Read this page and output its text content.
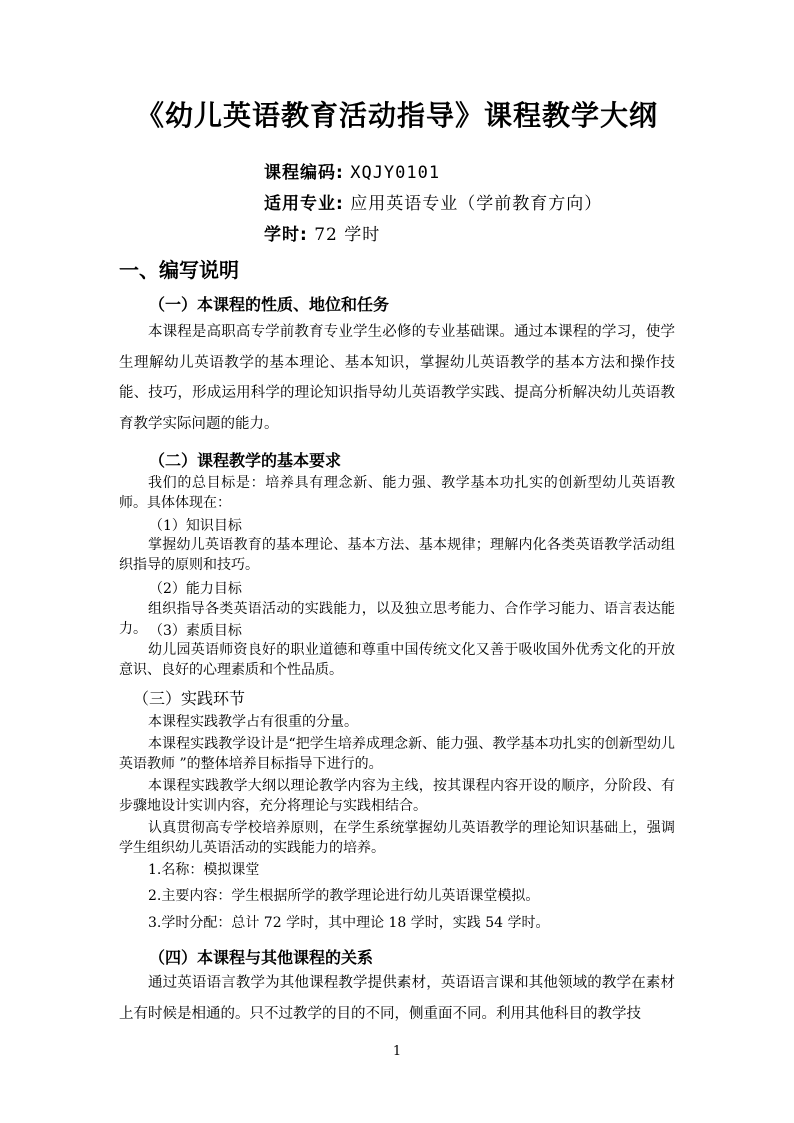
《幼儿英语教育活动指导》课程教学大纲
课程编码: XQJY0101
适用专业: 应用英语专业（学前教育方向）
学时: 72 学时
一、编写说明
（一）本课程的性质、地位和任务
本课程是高职高专学前教育专业学生必修的专业基础课。通过本课程的学习，使学生理解幼儿英语教学的基本理论、基本知识，掌握幼儿英语教学的基本方法和操作技能、技巧，形成运用科学的理论知识指导幼儿英语教学实践、提高分析解决幼儿英语教育教学实际问题的能力。
（二）课程教学的基本要求
我们的总目标是：培养具有理念新、能力强、教学基本功扎实的创新型幼儿英语教师。具体体现在：
（1）知识目标
掌握幼儿英语教育的基本理论、基本方法、基本规律；理解内化各类英语教学活动组织指导的原则和技巧。
（2）能力目标
组织指导各类英语活动的实践能力，以及独立思考能力、合作学习能力、语言表达能力。 （3）素质目标
幼儿园英语师资良好的职业道德和尊重中国传统文化又善于吸收国外优秀文化的开放意识、良好的心理素质和个性品质。
（三）实践环节
本课程实践教学占有很重的分量。
本课程实践教学设计是“把学生培养成理念新、能力强、教学基本功扎实的创新型幼儿英语教师 ”的整体培养目标指导下进行的。
本课程实践教学大纲以理论教学内容为主线，按其课程内容开设的顺序，分阶段、有步骤地设计实训内容，充分将理论与实践相结合。
认真贯彻高专学校培养原则，在学生系统掌握幼儿英语教学的理论知识基础上，强调学生组织幼儿英语活动的实践能力的培养。
1.名称：模拟课堂
2.主要内容：学生根据所学的教学理论进行幼儿英语课堂模拟。
3.学时分配：总计 72 学时，其中理论 18 学时，实践 54 学时。
（四）本课程与其他课程的关系
通过英语语言教学为其他课程教学提供素材，英语语言课和其他领域的教学在素材上有时候是相通的。只不过教学的目的不同，侧重面不同。利用其他科目的教学技
1
